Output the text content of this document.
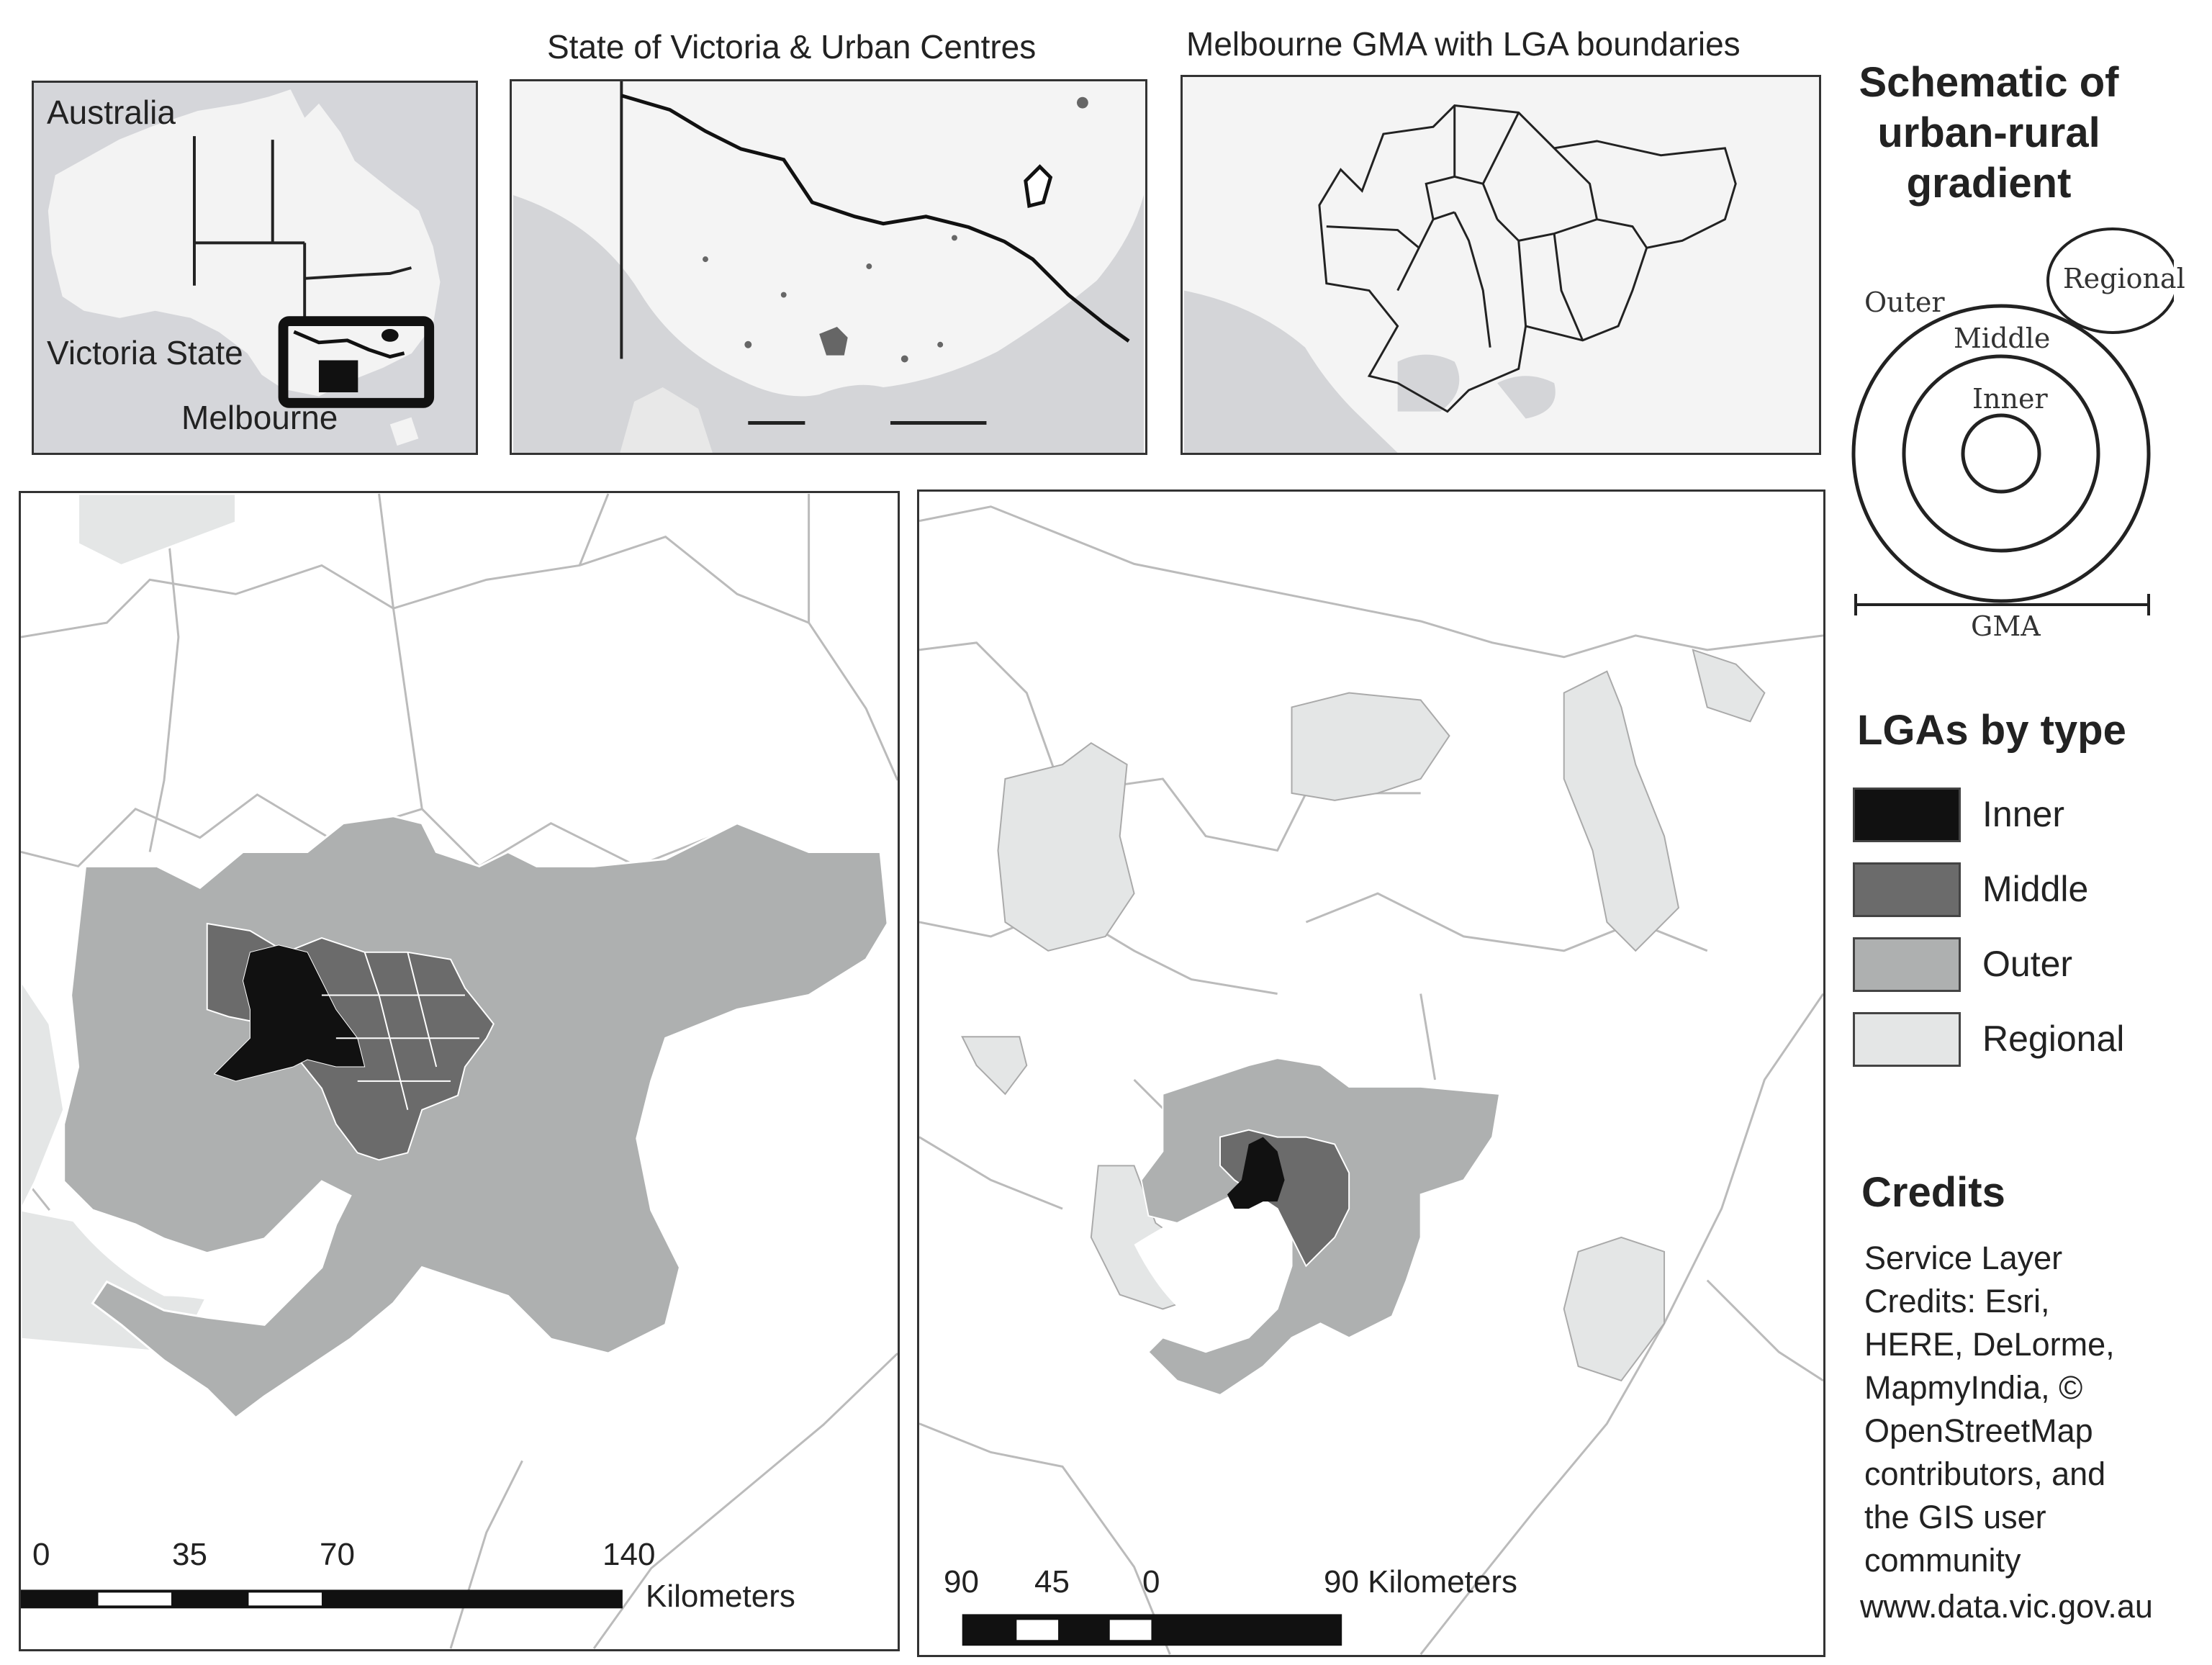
Australia
Victoria State
Melbourne
State of Victoria & Urban Centres	Melbourne GMA with LGA boundaries
0	35	70	140
Kilometers	90 45 0	90 Kilometers
Schematic of
urban-rural
gradient
Regional
Outer
Middle
Inner
GMA
LGAs by type
Inner
Middle
Outer
Regional
Credits
Service Layer
Credits: Esri,
HERE, DeLorme,
MapmyIndia, ©
OpenStreetMap
contributors, and
the GIS user
community
www.data.vic.gov.au
